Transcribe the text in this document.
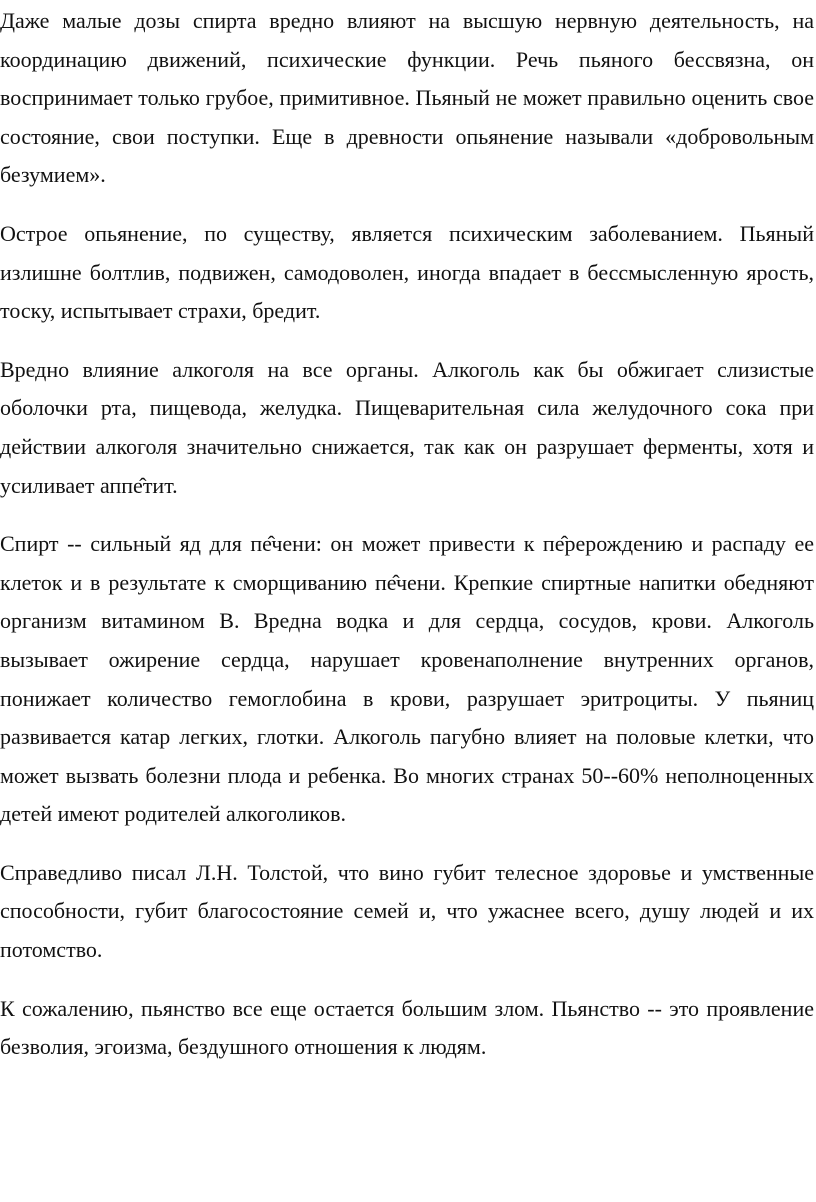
Даже малые дозы спирта вредно влияют на высшую нервную деятельность, на координацию движений, психические функции. Речь пьяного бессвязна, он воспринимает только грубое, примитивное. Пьяный не может правильно оценить свое состояние, свои поступки. Еще в древности опьянение называли «добровольным безумием».

Острое опьянение, по существу, является психическим заболеванием. Пьяный излишне болтлив, подвижен, самодоволен, иногда впадает в бессмысленную ярость, тоску, испытывает страхи, бредит.

Вредно влияние алкоголя на все органы. Алкоголь как бы обжигает слизистые оболочки рта, пищевода, желудка. Пищеварительная сила желудочного сока при действии алкоголя значительно снижается, так как он разрушает ферменты, хотя и усиливает аппе̂тит.

Спирт -- сильный яд для пе̂чени: он может привести к пе̂рерождению и распаду ее клеток и в результате к сморщиванию пе̂чени. Крепкие спиртные напитки обедняют организм витамином В. Вредна водка и для сердца, сосудов, крови. Алкоголь вызывает ожирение сердца, нарушает кровенаполнение внутренних органов, понижает количество гемоглобина в крови, разрушает эритроциты. У пьяниц развивается катар легких, глотки. Алкоголь пагубно влияет на половые клетки, что может вызвать болезни плода и ребенка. Во многих странах 50--60% неполноценных детей имеют родителей алкоголиков.

Справедливо писал Л.Н. Толстой, что вино губит телесное здоровье и умственные способности, губит благосостояние семей и, что ужаснее всего, душу людей и их потомство.

К сожалению, пьянство все еще остается большим злом. Пьянство -- это проявление безволия, эгоизма, бездушного отношения к людям.
